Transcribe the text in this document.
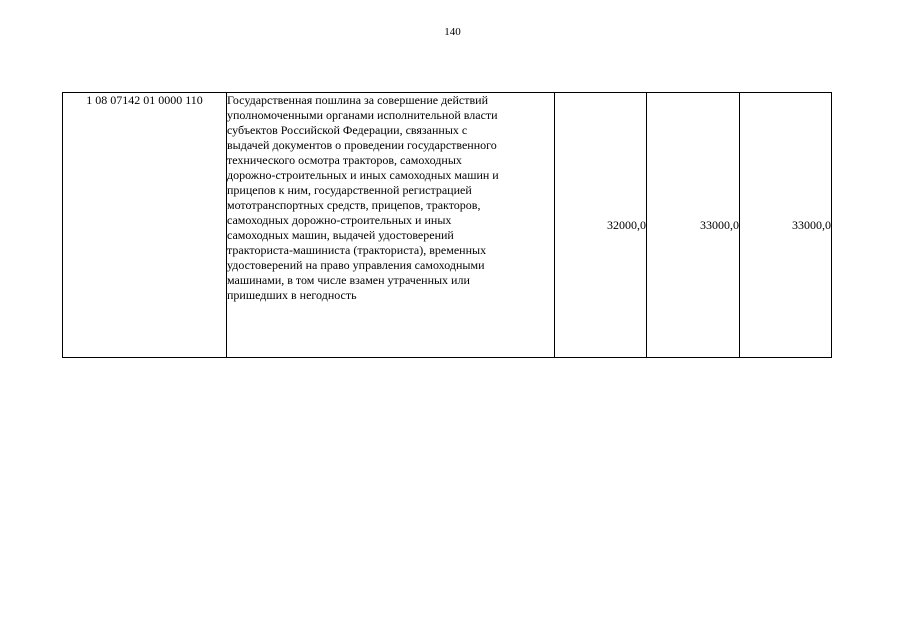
140
1 08 07142 01 0000 110	Государственная пошлина за совершение действий
уполномоченными органами исполнительной власти
субъектов Российской Федерации, связанных с
выдачей документов о проведении государственного
технического осмотра тракторов, самоходных
дорожно-строительных и иных самоходных машин и
прицепов к ним, государственной регистрацией
мототранспортных средств, прицепов, тракторов,
самоходных дорожно-строительных и иных
самоходных машин, выдачей удостоверений
тракториста-машиниста (тракториста), временных
удостоверений на право управления самоходными
машинами, в том числе взамен утраченных или
пришедших в негодность
	32000,0	33000,0	33000,0
